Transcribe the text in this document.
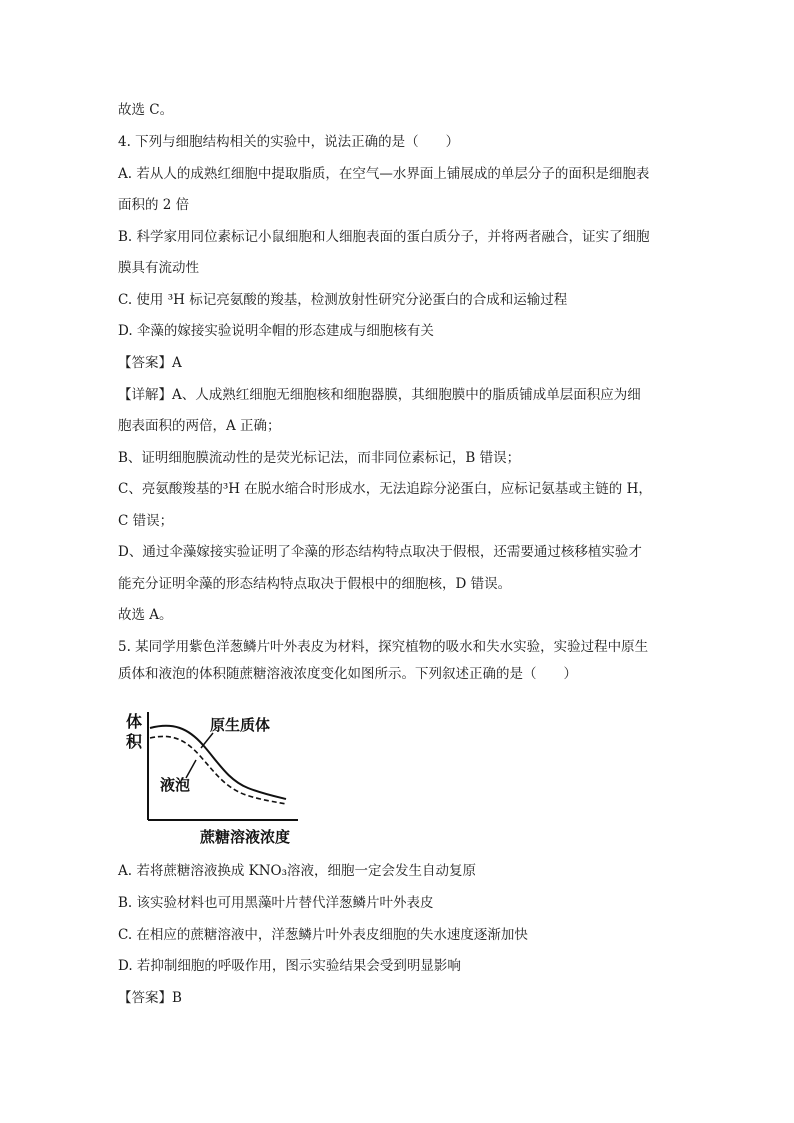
故选 C。
4. 下列与细胞结构相关的实验中，说法正确的是（　　）
A. 若从人的成熟红细胞中提取脂质，在空气—水界面上铺展成的单层分子的面积是细胞表
面积的 2 倍
B. 科学家用同位素标记小鼠细胞和人细胞表面的蛋白质分子，并将两者融合，证实了细胞
膜具有流动性
C. 使用 ³H 标记亮氨酸的羧基，检测放射性研究分泌蛋白的合成和运输过程
D. 伞藻的嫁接实验说明伞帽的形态建成与细胞核有关
【答案】A
【详解】A、人成熟红细胞无细胞核和细胞器膜，其细胞膜中的脂质铺成单层面积应为细
胞表面积的两倍，A 正确；
B、证明细胞膜流动性的是荧光标记法，而非同位素标记，B 错误；
C、亮氨酸羧基的³H 在脱水缩合时形成水，无法追踪分泌蛋白，应标记氨基或主链的 H，
C 错误；
D、通过伞藻嫁接实验证明了伞藻的形态结构特点取决于假根，还需要通过核移植实验才
能充分证明伞藻的形态结构特点取决于假根中的细胞核，D 错误。
故选 A。
5. 某同学用紫色洋葱鳞片叶外表皮为材料，探究植物的吸水和失水实验，实验过程中原生
质体和液泡的体积随蔗糖溶液浓度变化如图所示。下列叙述正确的是（　　）
体
积
原生质体
液泡
蔗糖溶液浓度
A. 若将蔗糖溶液换成 KNO₃溶液，细胞一定会发生自动复原
B. 该实验材料也可用黑藻叶片替代洋葱鳞片叶外表皮
C. 在相应的蔗糖溶液中，洋葱鳞片叶外表皮细胞的失水速度逐渐加快
D. 若抑制细胞的呼吸作用，图示实验结果会受到明显影响
【答案】B
